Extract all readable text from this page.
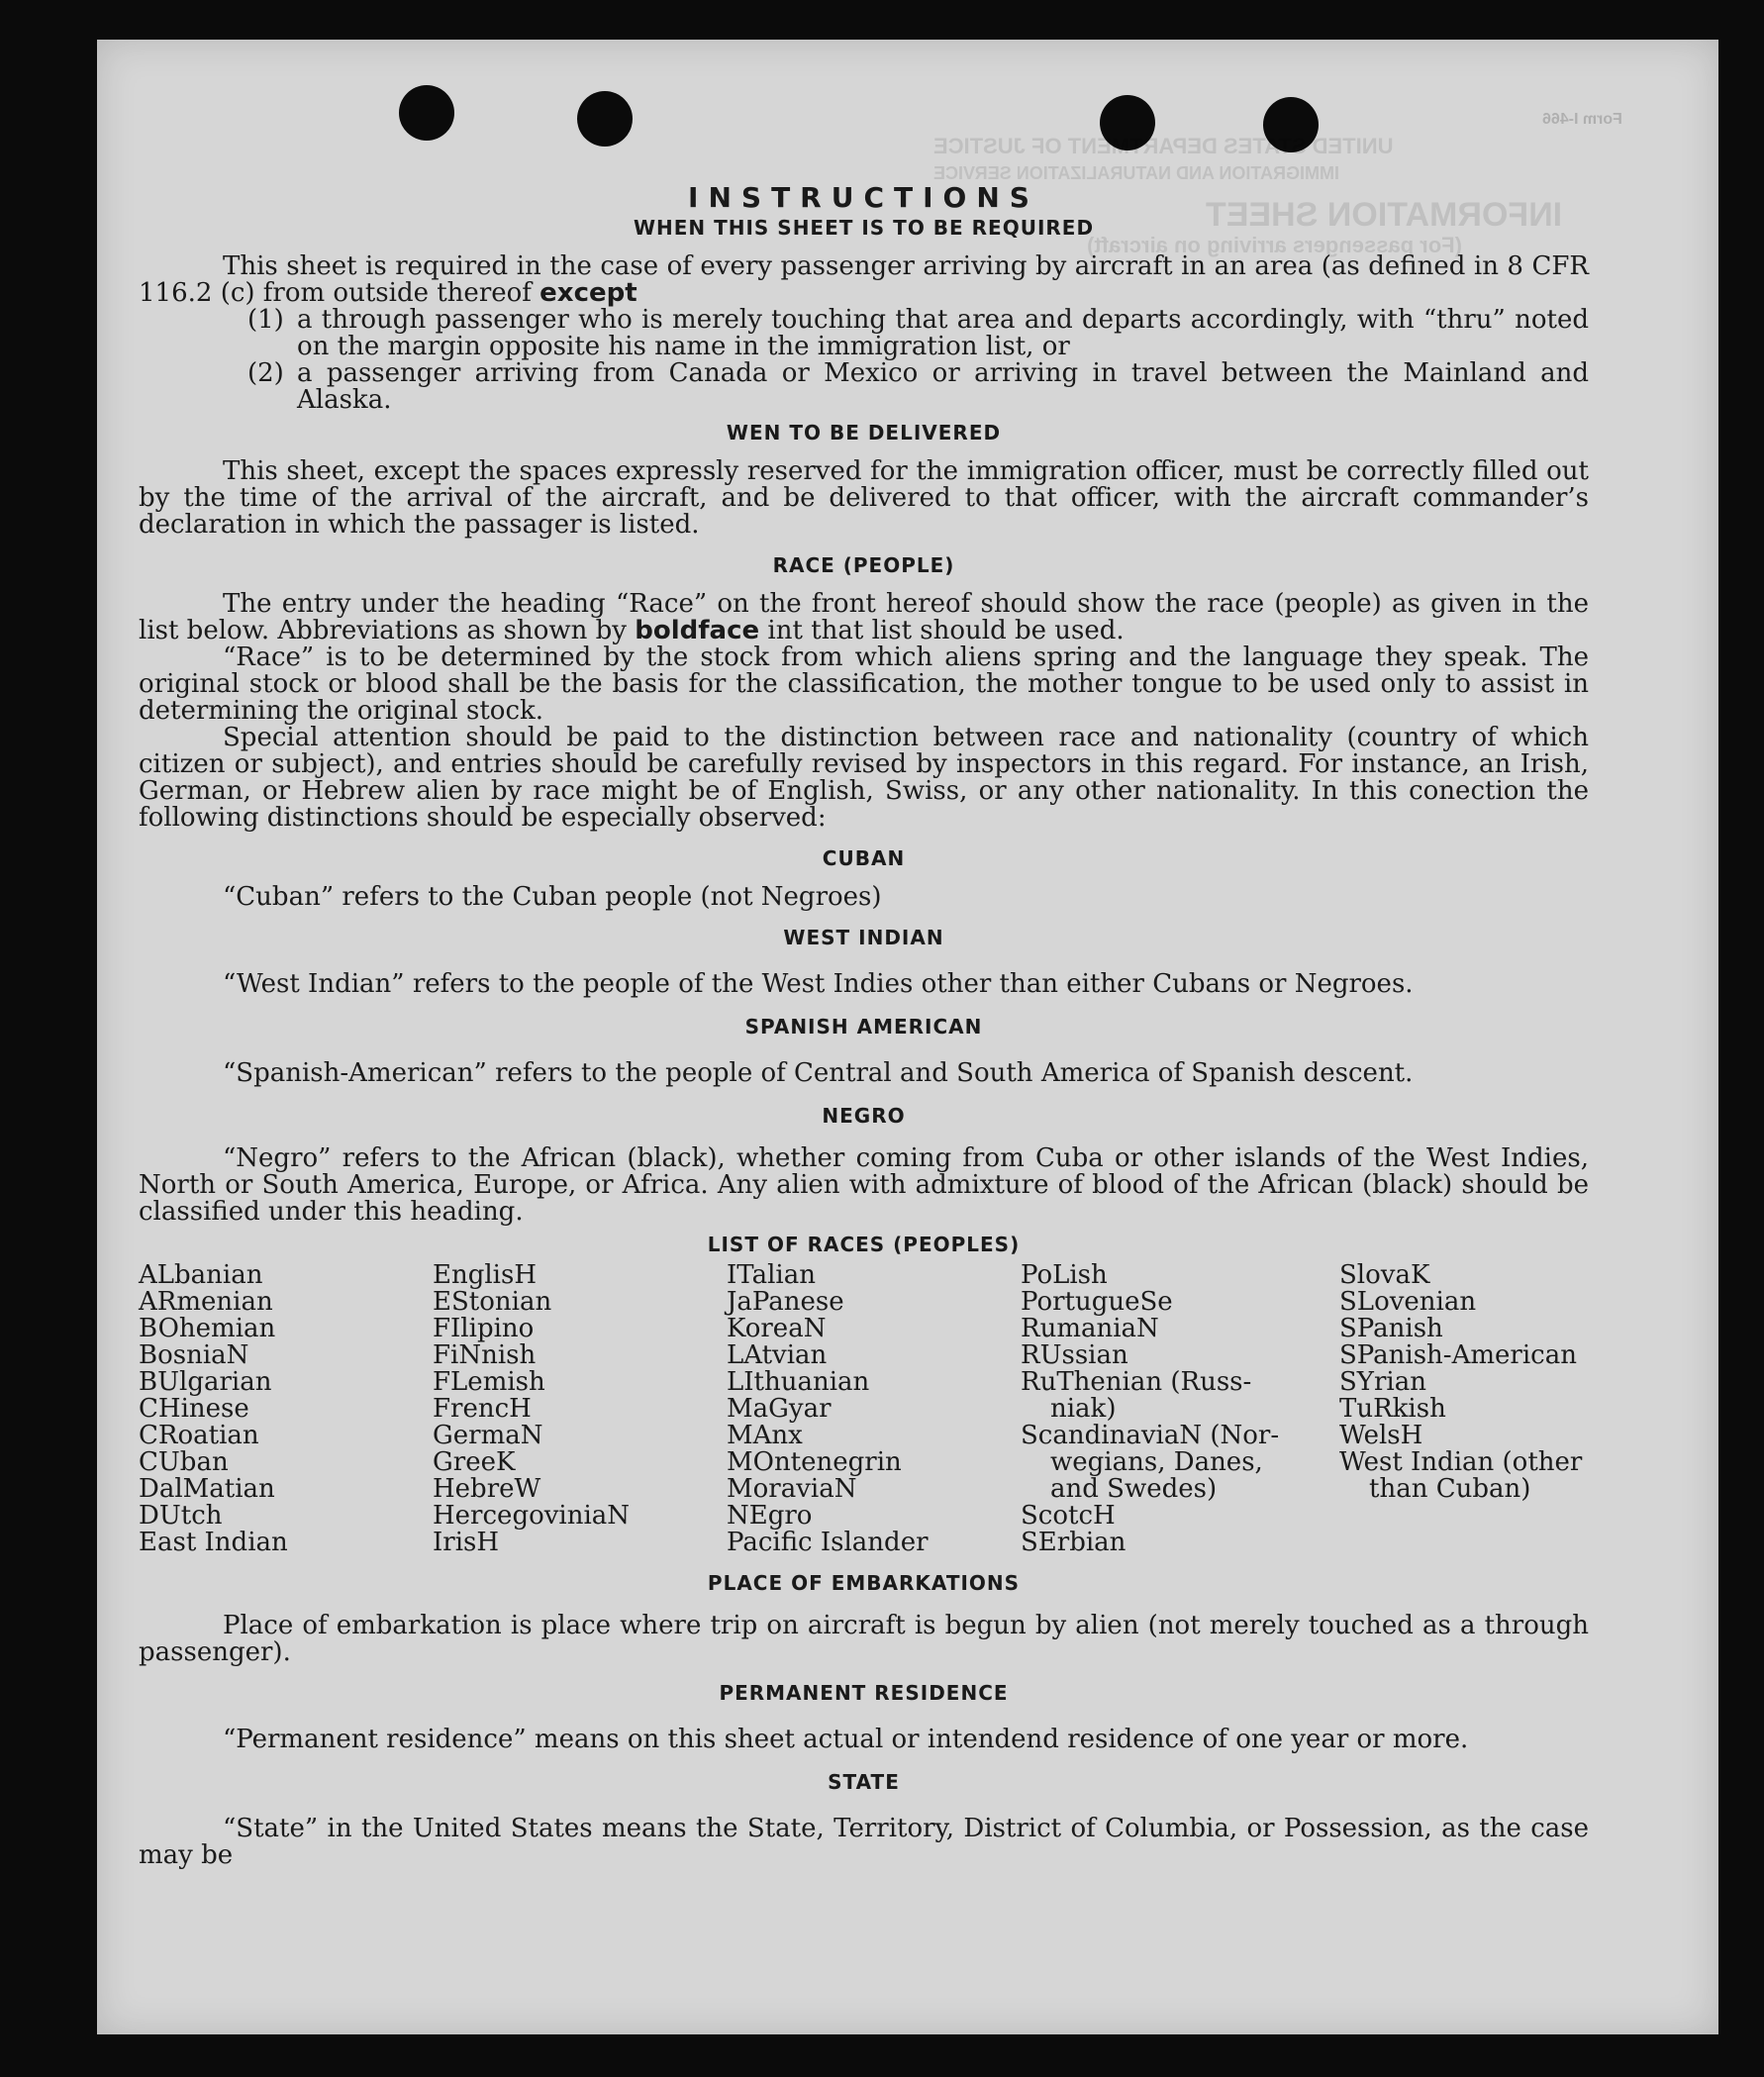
UNITED STATES DEPARTMENT OF JUSTICE
IMMIGRATION AND NATURALIZATION SERVICE
INFORMATION SHEET
(For passengers arriving on aircraft)
Form I-466
INSTRUCTIONS
WHEN THIS SHEET IS TO BE REQUIRED

This sheet is required in the case of every passenger arriving by aircraft in an area (as defined in 8 CFR 116.2 (c) from outside thereof except

(1) a through passenger who is merely touching that area and departs accordingly, with “thru” noted on the margin opposite his name in the immigration list, or
(2) a passenger arriving from Canada or Mexico or arriving in travel between the Mainland and Alaska.
WEN TO BE DELIVERED

This sheet, except the spaces expressly reserved for the immigration officer, must be correctly filled out by the time of the arrival of the aircraft, and be delivered to that officer, with the aircraft commander’s declaration in which the passager is listed.

RACE (PEOPLE)

The entry under the heading “Race” on the front hereof should show the race (people) as given in the list below. Abbreviations as shown by boldface int that list should be used.

“Race” is to be determined by the stock from which aliens spring and the language they speak. The original stock or blood shall be the basis for the classification, the mother tongue to be used only to assist in determining the original stock.

Special attention should be paid to the distinction between race and nationality (country of which citizen or subject), and entries should be carefully revised by inspectors in this regard. For instance, an Irish, German, or Hebrew alien by race might be of English, Swiss, or any other nationality. In this conection the following distinctions should be especially observed:

CUBAN

“Cuban” refers to the Cuban people (not Negroes)

WEST INDIAN

“West Indian” refers to the people of the West Indies other than either Cubans or Negroes.

SPANISH AMERICAN

“Spanish-American” refers to the people of Central and South America of Spanish descent.

NEGRO

“Negro” refers to the African (black), whether coming from Cuba or other islands of the West Indies, North or South America, Europe, or Africa. Any alien with admixture of blood of the African (black) should be classified under this heading.

LIST OF RACES (PEOPLES)
ALbanian
ARmenian
BOhemian
BosniaN
BUlgarian
CHinese
CRoatian
CUban
DalMatian
DUtch
East Indian
EnglisH
EStonian
FIlipino
FiNnish
FLemish
FrencH
GermaN
GreeK
HebreW
HercegoviniaN
IrisH
ITalian
JaPanese
KoreaN
LAtvian
LIthuanian
MaGyar
MAnx
MOntenegrin
MoraviaN
NEgro
Pacific Islander
PoLish
PortugueSe
RumaniaN
RUssian
RuThenian (Russ-
niak)
ScandinaviaN (Nor-
wegians, Danes,
and Swedes)
ScotcH
SErbian
SlovaK
SLovenian
SPanish
SPanish-American
SYrian
TuRkish
WelsH
West Indian (other
than Cuban)
PLACE OF EMBARKATIONS

Place of embarkation is place where trip on aircraft is begun by alien (not merely touched as a through passenger).

PERMANENT RESIDENCE

“Permanent residence” means on this sheet actual or intendend residence of one year or more.

STATE

“State” in the United States means the State, Territory, District of Columbia, or Possession, as the case may be
